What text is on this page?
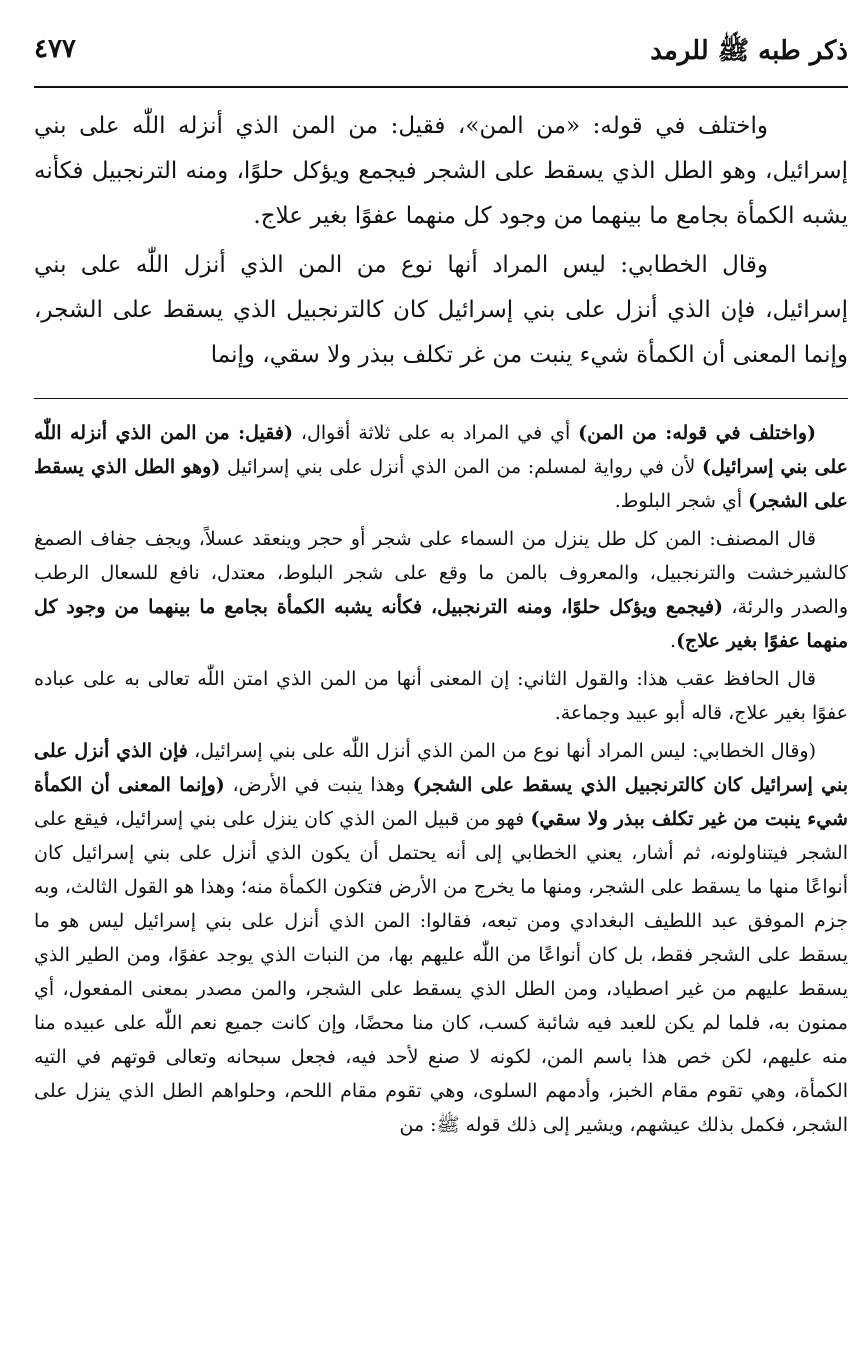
ذكر طبه ﷺ للرمد
٤٧٧

واختلف في قوله: «من المن»، فقيل: من المن الذي أنزله اللّٰه على بني إسرائيل، وهو الطل الذي يسقط على الشجر فيجمع ويؤكل حلوًا، ومنه الترنجبيل فكأنه يشبه الكمأة بجامع ما بينهما من وجود كل منهما عفوًا بغير علاج.

وقال الخطابي: ليس المراد أنها نوع من المن الذي أنزل اللّٰه على بني إسرائيل، فإن الذي أنزل على بني إسرائيل كان كالترنجبيل الذي يسقط على الشجر، وإنما المعنى أن الكمأة شيء ينبت من غر تكلف ببذر ولا سقي، وإنما

(واختلف في قوله: من المن) أي في المراد به على ثلاثة أقوال، (فقيل: من المن الذي أنزله اللّٰه على بني إسرائيل) لأن في رواية لمسلم: من المن الذي أنزل على بني إسرائيل (وهو الطل الذي يسقط على الشجر) أي شجر البلوط.

قال المصنف: المن كل طل ينزل من السماء على شجر أو حجر وينعقد عسلاً، ويجف جفاف الصمغ كالشيرخشت والترنجبيل، والمعروف بالمن ما وقع على شجر البلوط، معتدل، نافع للسعال الرطب والصدر والرئة، (فيجمع ويؤكل حلوًا، ومنه الترنجبيل، فكأنه يشبه الكمأة بجامع ما بينهما من وجود كل منهما عفوًا بغير علاج).

قال الحافظ عقب هذا: والقول الثاني: إن المعنى أنها من المن الذي امتن اللّٰه تعالى به على عباده عفوًا بغير علاج، قاله أبو عبيد وجماعة.

(وقال الخطابي: ليس المراد أنها نوع من المن الذي أنزل اللّٰه على بني إسرائيل، فإن الذي أنزل على بني إسرائيل كان كالترنجبيل الذي يسقط على الشجر) وهذا ينبت في الأرض، (وإنما المعنى أن الكمأة شيء ينبت من غير تكلف ببذر ولا سقي) فهو من قبيل المن الذي كان ينزل على بني إسرائيل، فيقع على الشجر فيتناولونه، ثم أشار، يعني الخطابي إلى أنه يحتمل أن يكون الذي أنزل على بني إسرائيل كان أنواعًا منها ما يسقط على الشجر، ومنها ما يخرج من الأرض فتكون الكمأة منه؛ وهذا هو القول الثالث، وبه جزم الموفق عبد اللطيف البغدادي ومن تبعه، فقالوا: المن الذي أنزل على بني إسرائيل ليس هو ما يسقط على الشجر فقط، بل كان أنواعًا من اللّٰه عليهم بها، من النبات الذي يوجد عفوًا، ومن الطير الذي يسقط عليهم من غير اصطياد، ومن الطل الذي يسقط على الشجر، والمن مصدر بمعنى المفعول، أي ممنون به، فلما لم يكن للعبد فيه شائبة كسب، كان منا محضًا، وإن كانت جميع نعم اللّٰه على عبيده منا منه عليهم، لكن خص هذا باسم المن، لكونه لا صنع لأحد فيه، فجعل سبحانه وتعالى قوتهم في التيه الكمأة، وهي تقوم مقام الخبز، وأدمهم السلوى، وهي تقوم مقام اللحم، وحلواهم الطل الذي ينزل على الشجر، فكمل بذلك عيشهم، ويشير إلى ذلك قوله ﷺ: من
